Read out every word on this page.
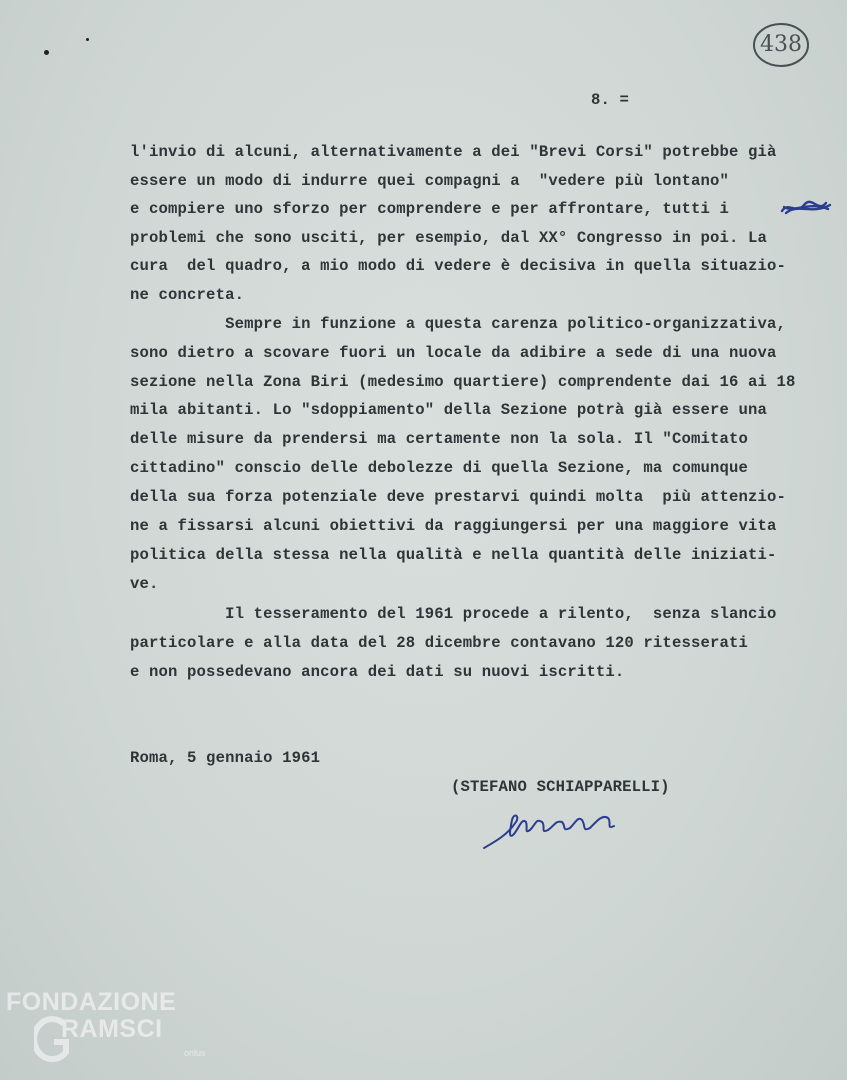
438
8. =
l'invio di alcuni, alternativamente a dei "Brevi Corsi" potrebbe già
essere un modo di indurre quei compagni a  "vedere più lontano"
e compiere uno sforzo per comprendere e per affrontare, tutti i
problemi che sono usciti, per esempio, dal XX° Congresso in poi. La
cura  del quadro, a mio modo di vedere è decisiva in quella situazio-
ne concreta.
Sempre in funzione a questa carenza politico-organizzativa,
sono dietro a scovare fuori un locale da adibire a sede di una nuova
sezione nella Zona Biri (medesimo quartiere) comprendente dai 16 ai 18
mila abitanti. Lo "sdoppiamento" della Sezione potrà già essere una
delle misure da prendersi ma certamente non la sola. Il "Comitato
cittadino" conscio delle debolezze di quella Sezione, ma comunque
della sua forza potenziale deve prestarvi quindi molta  più attenzio-
ne a fissarsi alcuni obiettivi da raggiungersi per una maggiore vita
politica della stessa nella qualità e nella quantità delle iniziati-
ve.
Il tesseramento del 1961 procede a rilento,  senza slancio
particolare e alla data del 28 dicembre contavano 120 ritesserati
e non possedevano ancora dei dati su nuovi iscritti.
Roma, 5 gennaio 1961
(STEFANO SCHIAPPARELLI)
FONDAZIONE
RAMSCI
onlus
